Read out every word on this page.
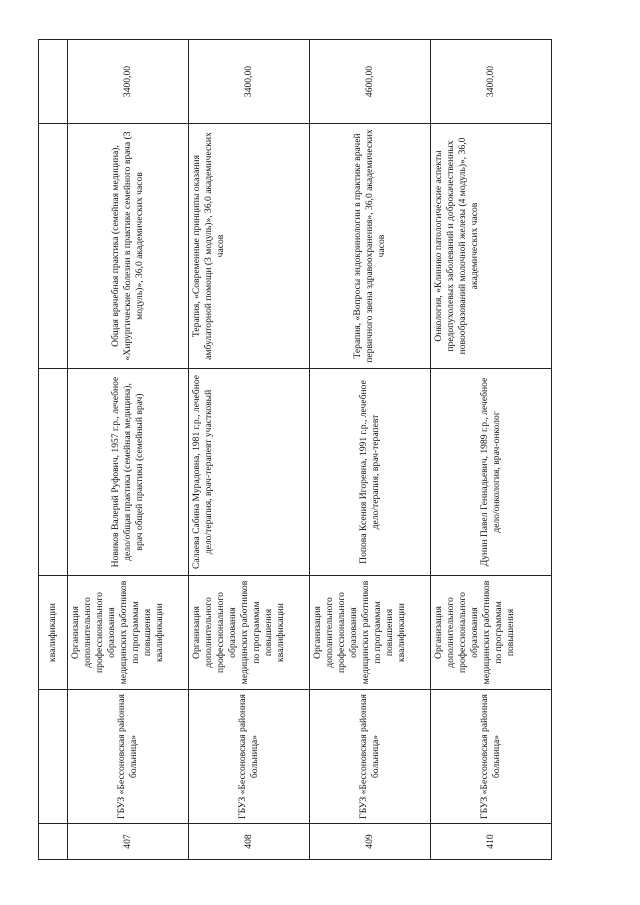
		квалификации			
407	ГБУЗ «Бессоновская районная больница»	Организация дополнительного профессионального образования медицинских работников по программам повышения квалификации	Новиков Валерий Руфович, 1957 г.р., лечебное дело/общая практика (семейная медицина), врач общей практики (семейный врач)	Общая врачебная практика (семейная медицина), «Хирургические болезни в практике семейного врача (3 модуль)», 36,0 академических часов	3400,00
408	ГБУЗ «Бессоновская районная больница»	Организация дополнительного профессионального образования медицинских работников по программам повышения квалификации	Салаева Сабина Мурадовна, 1981 г.р., лечебное дело/терапия, врач-терапевт участковый	Терапия, «Современные принципы оказания амбулаторной помощи (3 модуль)», 36,0 академических часов	3400,00
409	ГБУЗ «Бессоновская районная больница»	Организация дополнительного профессионального образования медицинских работников по программам повышения квалификации	Попова Ксения Игоревна, 1991 г.р., лечебное дело/терапия, врач-терапевт	Терапия, «Вопросы эндокринологии в практике врачей первичного звена здравоохранения», 36,0 академических часов	4600,00
410	ГБУЗ «Бессоновская районная больница»	Организация дополнительного профессионального образования медицинских работников по программам повышения	Дунин Павел Геннадьевич, 1989 г.р., лечебное дело/онкология, врач-онколог	Онкология, «Клинико патологические аспекты предопухолевых заболеваний и доброкачественных новообразований молочной железы (4 модуль)», 36,0 академических часов	3400,00
